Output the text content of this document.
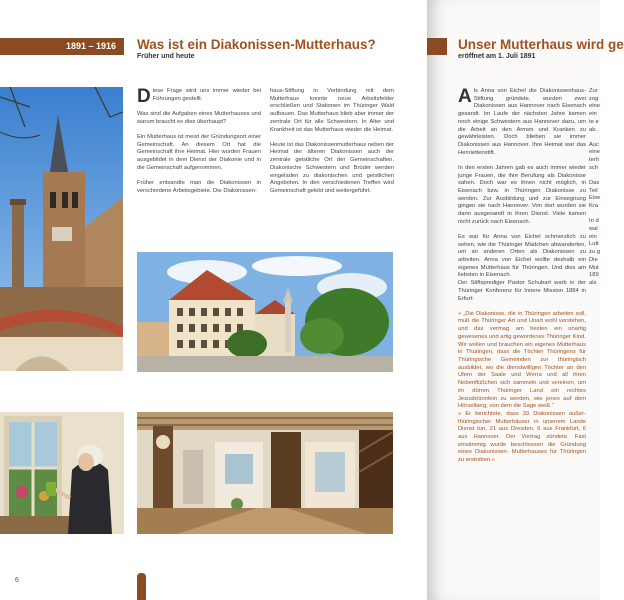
1891 – 1916	Was ist ein Diakonissen-Mutterhaus?
Früher und heute

Diese Frage wird uns immer wieder bei Führungen gestellt.

Was sind die Aufgaben eines Mutterhauses und warum braucht es dies überhaupt?

Ein Mutterhaus ist meist der Gründungsort einer Gemeinschaft. An diesem Ort hat die Gemeinschaft ihre Heimat. Hier wurden Frauen ausgebildet in dem Dienst der Diakonie und in die Gemeinschaft aufgenommen.

Früher entsandte man die Diakonissen in verschiedene Arbeitsgebiete. Die Diakonissen-

haus-Stiftung in Verbindung mit dem Mutterhaus konnte neue Arbeitsfelder erschließen und Stationen im Thüringer Wald aufbauen. Das Mutterhaus blieb aber immer der zentrale Ort für alle Schwestern. In Alter und Krankheit ist das Mutterhaus wieder die Heimat.

Heute ist das Diakonissenmutterhaus neben der Heimat der älteren Diakonissen auch der zentrale geistliche Ort der Gemeinschaften. Diakonische Schwestern und Brüder werden eingeladen zu diakonischen und geistlichen Angeboten. In den verschiedenen Treffen wird Gemeinschaft gelebt und weitergeführt.

6
Unser Mutterhaus wird ge
eröffnet am 1. Juli 1891

Als Anna von Eichel die Diakonissenhaus-Stiftung gründete, wurden zwei Diakonissen aus Hannover nach Eisenach gesandt. Im Laufe der nächsten Jahre kamen noch einige Schwestern aus Hannover dazu, um die Arbeit an den Armen und Kranken zu gewährleisten. Doch blieben sie immer Diakonissen aus Hannover. Ihre Heimat war das Henriettenstift.

In den ersten Jahren gab es auch immer wieder junge Frauen, die ihre Berufung als Diakonisse sahen. Doch war es ihnen nicht möglich, in Eisenach bzw. in Thüringen Diakonisse zu werden. Zur Ausbildung und zur Einsegnung gingen sie nach Hannover. Von dort wurden sie dann ausgesandt in ihren Dienst. Viele kamen nicht zurück nach Eisenach.

Es war für Anna von Eichel schmerzlich zu sehen, wie die Thüringer Mädchen abwanderten, um an anderen Orten als Diakonissen zu arbeiten. Anna von Eichel wollte deshalb ein eigenes Mutterhaus für Thüringen. Und dies am liebsten in Eisenach.

Der Stiftsprediger Pastor Schubart warb in der Thüringer Konferenz für Innere Mission 1884 in Erfurt:

» „Die Diakonisse, die in Thüringen arbeiten soll, muß die Thüringer Art und Unart wohl verstehen, und das vermag am besten ein unartig gewesenes und artig gewordenes Thüringer Kind.

Wir wollen und brauchen ein eigenes Mutterhaus in Thüringen, dass die Töchter Thüringens für Thüringische Gemeinden zur thüringisch ausbildet, wo die dienstwilligen Töchter an den Ufern der Saale und Werra und all ihren Nebenflüßchen sich sammeln und vereinen, um im dürren Thüringer Land ein rechtes Jesusbrünnlein zu werden, wie jenes auf dem Hörselberg, von dem die Sage weiß.“

» Er berichtete, dass 33 Diakonissen außer-thüringischer Mutterhäuser in unserem Lande Dienst tun, 21 aus Dresden, 6 aus Frankfurt, 6 aus Hannover. Der Vortrag zündete. Fast einstimmig wurde beschlossen die Gründung eines Diakonissen- Mutterhauses für Thüringen zu erstreben.«

Zur
zog
eine
ein
te e
ab.
Auc
eine
terh
sch
Das
Teil
Eise
Kra
In d
wal
ein
Lutt
zu g
Die
Mut
189
als
